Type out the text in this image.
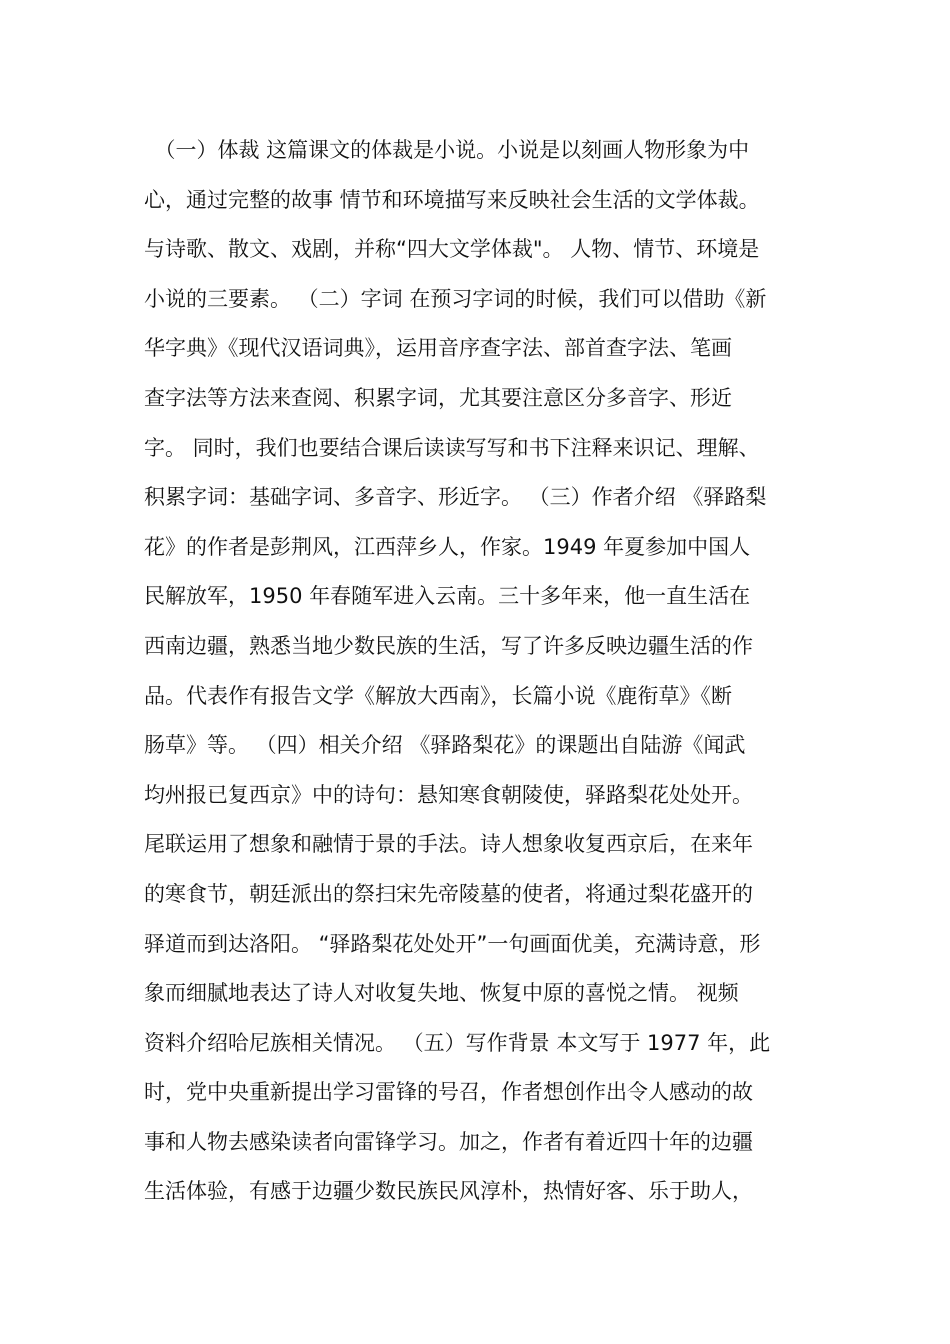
　（一）体裁 这篇课文的体裁是小说。小说是以刻画人物形象为中
心，通过完整的故事 情节和环境描写来反映社会生活的文学体裁。
与诗歌、散文、戏剧，并称“四大文学体裁"。 人物、情节、环境是
小说的三要素。 （二）字词 在预习字词的时候，我们可以借助《新
华字典》《现代汉语词典》，运用音序查字法、部首查字法、笔画
查字法等方法来查阅、积累字词，尤其要注意区分多音字、形近
字。 同时，我们也要结合课后读读写写和书下注释来识记、理解、
积累字词：基础字词、多音字、形近字。 （三）作者介绍 《驿路梨
花》的作者是彭荆风，江西萍乡人，作家。1949 年夏参加中国人
民解放军，1950 年春随军进入云南。三十多年来，他一直生活在
西南边疆，熟悉当地少数民族的生活，写了许多反映边疆生活的作
品。代表作有报告文学《解放大西南》，长篇小说《鹿衔草》《断
肠草》等。 （四）相关介绍 《驿路梨花》的课题出自陆游《闻武
均州报已复西京》中的诗句：悬知寒食朝陵使，驿路梨花处处开。
尾联运用了想象和融情于景的手法。诗人想象收复西京后，在来年
的寒食节，朝廷派出的祭扫宋先帝陵墓的使者，将通过梨花盛开的
驿道而到达洛阳。 “驿路梨花处处开”一句画面优美，充满诗意，形
象而细腻地表达了诗人对收复失地、恢复中原的喜悦之情。 视频
资料介绍哈尼族相关情况。 （五）写作背景 本文写于 1977 年，此
时，党中央重新提出学习雷锋的号召，作者想创作出令人感动的故
事和人物去感染读者向雷锋学习。加之，作者有着近四十年的边疆
生活体验，有感于边疆少数民族民风淳朴，热情好客、乐于助人，
